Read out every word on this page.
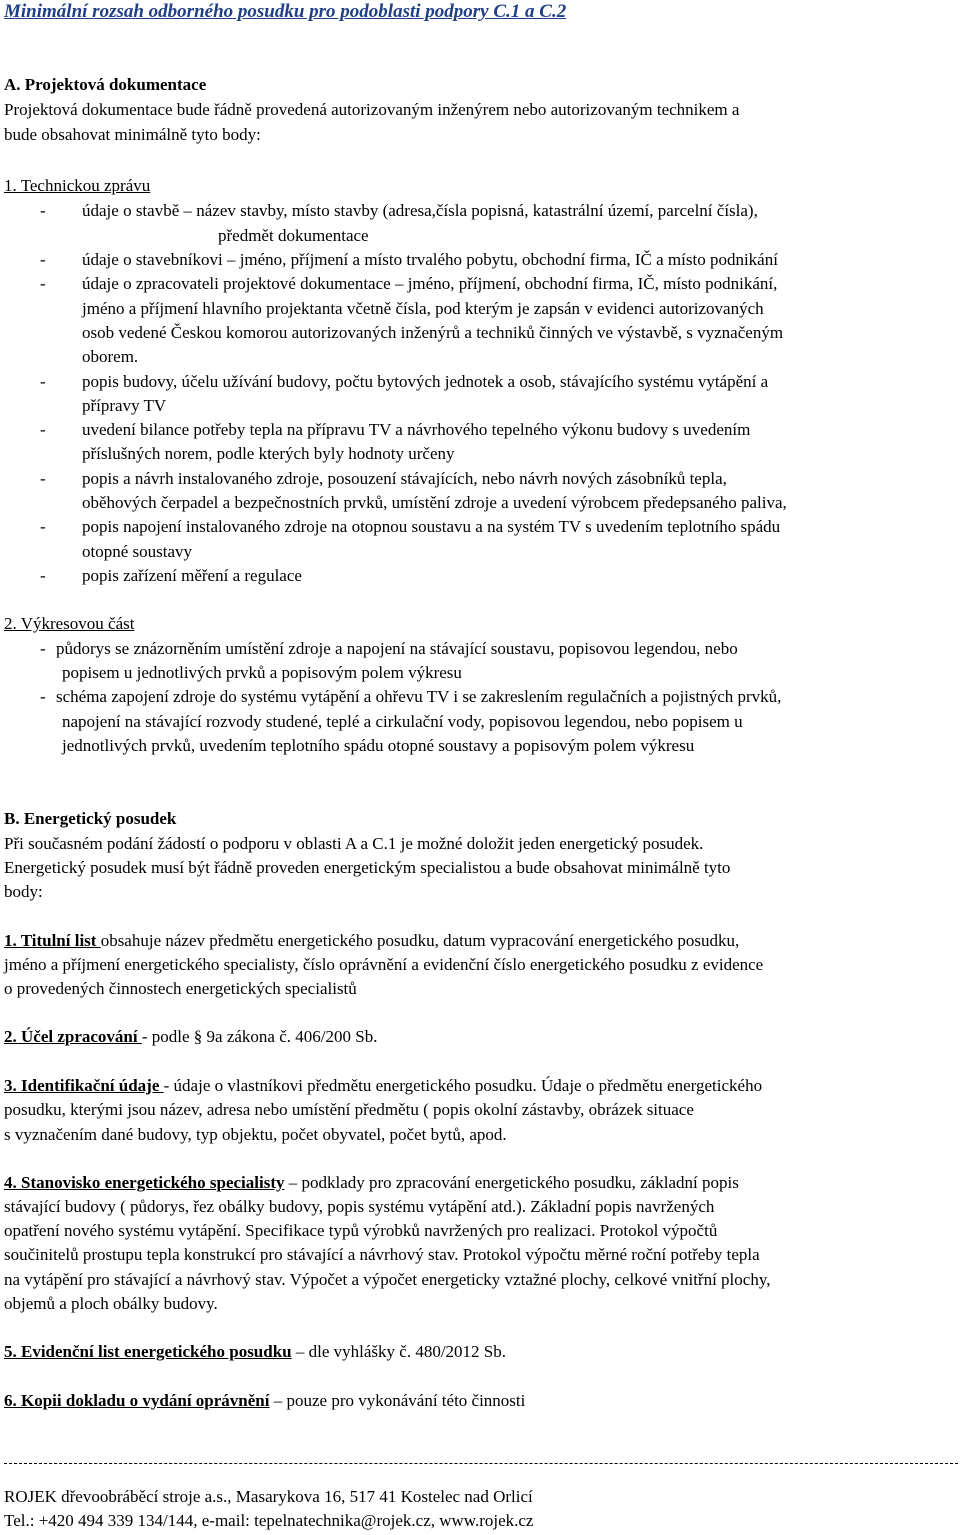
Minimální rozsah odborného posudku pro podoblasti podpory C.1 a C.2
A. Projektová dokumentace
Projektová dokumentace bude řádně provedená autorizovaným inženýrem nebo autorizovaným technikem a
bude obsahovat minimálně tyto body:
1. Technickou zprávu
- údaje o stavbě – název stavby, místo stavby (adresa,čísla popisná, katastrální území, parcelní čísla),
předmět dokumentace
- údaje o stavebníkovi – jméno, příjmení a místo trvalého pobytu, obchodní firma, IČ a místo podnikání
- údaje o zpracovateli projektové dokumentace – jméno, příjmení, obchodní firma, IČ, místo podnikání,
jméno a příjmení hlavního projektanta včetně čísla, pod kterým je zapsán v evidenci autorizovaných
osob vedené Českou komorou autorizovaných inženýrů a techniků činných ve výstavbě, s vyznačeným
oborem.
- popis budovy, účelu užívání budovy, počtu bytových jednotek a osob, stávajícího systému vytápění a
přípravy TV
- uvedení bilance potřeby tepla na přípravu TV a návrhového tepelného výkonu budovy s uvedením
příslušných norem, podle kterých byly hodnoty určeny
- popis a návrh instalovaného zdroje, posouzení stávajících, nebo návrh nových zásobníků tepla,
oběhových čerpadel a bezpečnostních prvků, umístění zdroje a uvedení výrobcem předepsaného paliva,
- popis napojení instalovaného zdroje na otopnou soustavu a na systém TV s uvedením teplotního spádu
otopné soustavy
- popis zařízení měření a regulace
2. Výkresovou část
- půdorys se znázorněním umístění zdroje a napojení na stávající soustavu, popisovou legendou, nebo
popisem u jednotlivých prvků a popisovým polem výkresu
- schéma zapojení zdroje do systému vytápění a ohřevu TV i se zakreslením regulačních a pojistných prvků,
napojení na stávající rozvody studené, teplé a cirkulační vody, popisovou legendou, nebo popisem u
jednotlivých prvků, uvedením teplotního spádu otopné soustavy a popisovým polem výkresu
B. Energetický posudek
Při současném podání žádostí o podporu v oblasti A a C.1 je možné doložit jeden energetický posudek.
Energetický posudek musí být řádně proveden energetickým specialistou a bude obsahovat minimálně tyto
body:
1. Titulní list obsahuje název předmětu energetického posudku, datum vypracování energetického posudku,
jméno a příjmení energetického specialisty, číslo oprávnění a evidenční číslo energetického posudku z evidence
o provedených činnostech energetických specialistů
2. Účel zpracování - podle § 9a zákona č. 406/200 Sb.
3. Identifikační údaje - údaje o vlastníkovi předmětu energetického posudku. Údaje o předmětu energetického
posudku, kterými jsou název, adresa nebo umístění předmětu ( popis okolní zástavby, obrázek situace
s vyznačením dané budovy, typ objektu, počet obyvatel, počet bytů, apod.
4. Stanovisko energetického specialisty – podklady pro zpracování energetického posudku, základní popis
stávající budovy ( půdorys, řez obálky budovy, popis systému vytápění atd.). Základní popis navržených
opatření nového systému vytápění. Specifikace typů výrobků navržených pro realizaci. Protokol výpočtů
součinitelů prostupu tepla konstrukcí pro stávající a návrhový stav. Protokol výpočtu měrné roční potřeby tepla
na vytápění pro stávající a návrhový stav. Výpočet a výpočet energeticky vztažné plochy, celkové vnitřní plochy,
objemů a ploch obálky budovy.
5. Evidenční list energetického posudku – dle vyhlášky č. 480/2012 Sb.
6. Kopii dokladu o vydání oprávnění – pouze pro vykonávání této činnosti
ROJEK dřevoobráběcí stroje a.s., Masarykova 16, 517 41 Kostelec nad Orlicí
Tel.: +420 494 339 134/144, e-mail: tepelnatechnika@rojek.cz, www.rojek.cz
